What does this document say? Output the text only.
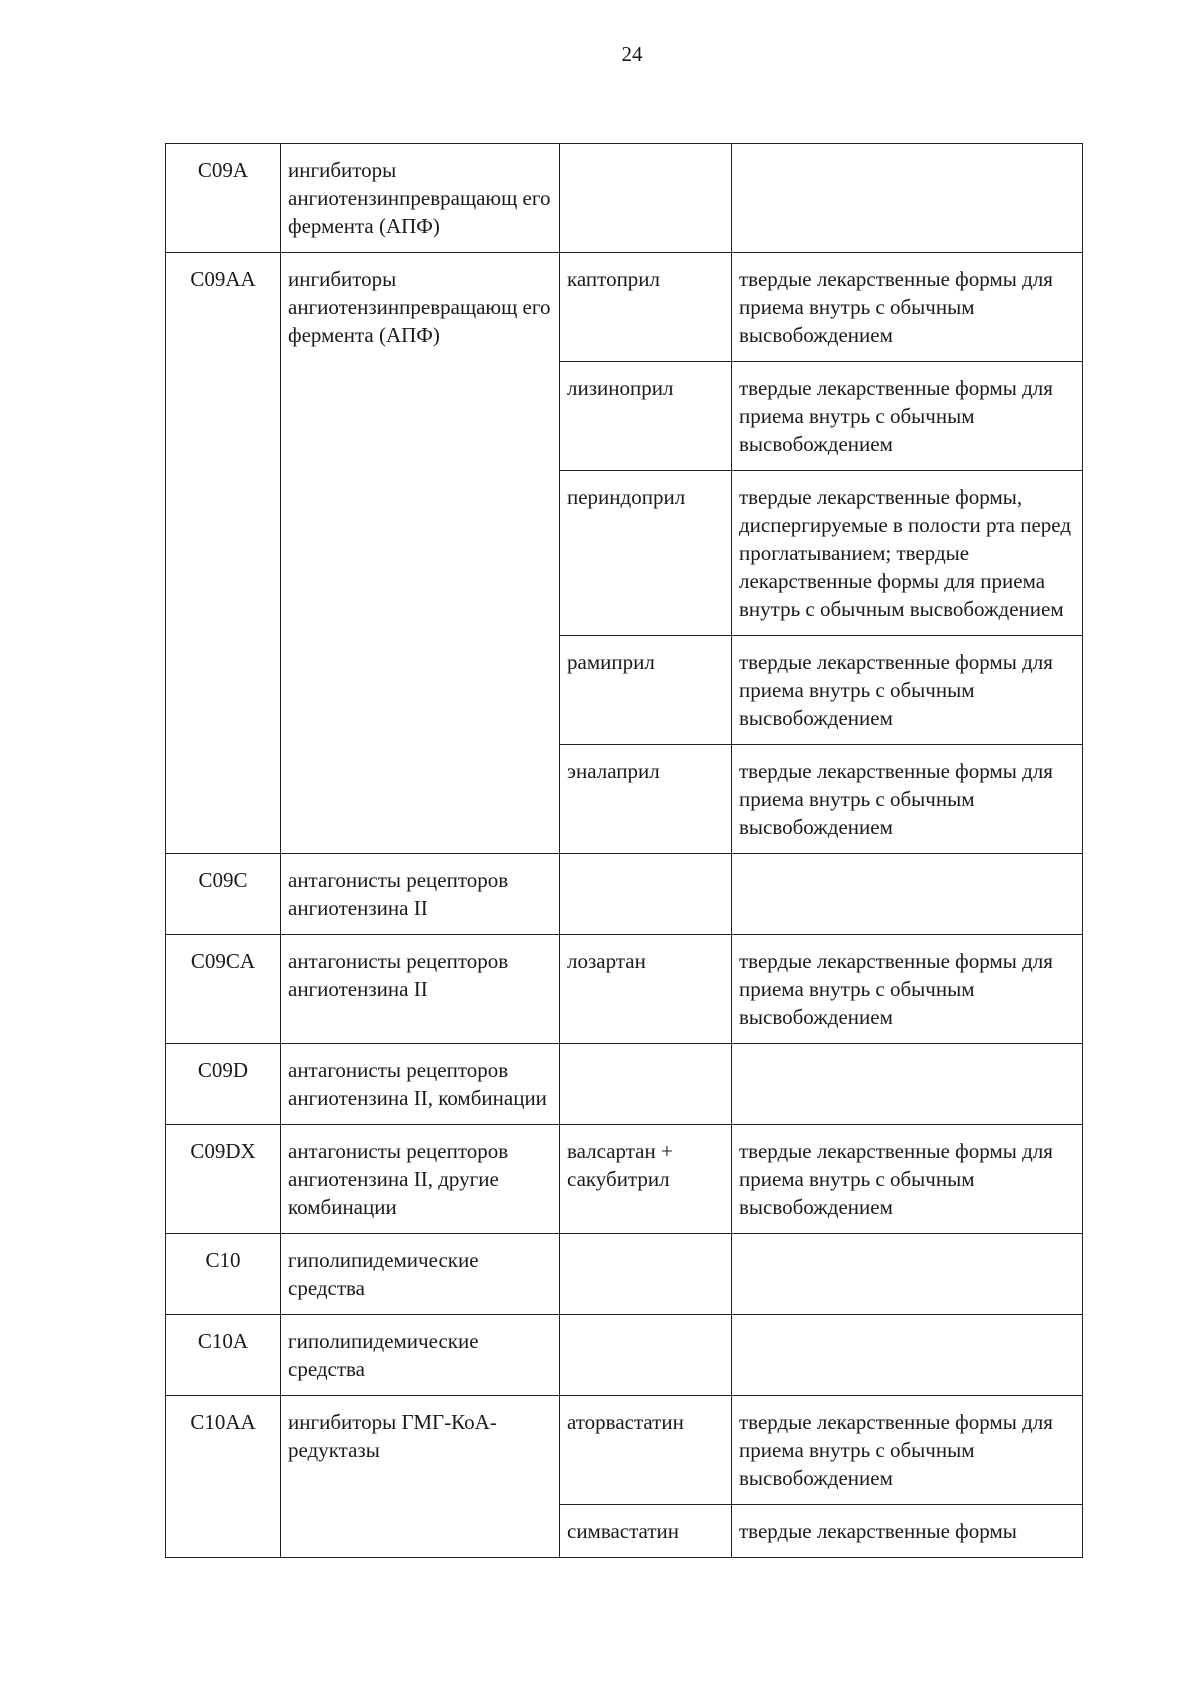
24
C09A	ингибиторы ангиотензинпревращающ его фермента (АПФ)		
C09AA	ингибиторы ангиотензинпревращающ его фермента (АПФ)	каптоприл	твердые лекарственные формы для приема внутрь с обычным высвобождением
		лизиноприл	твердые лекарственные формы для приема внутрь с обычным высвобождением
		периндоприл	твердые лекарственные формы, диспергируемые в полости рта перед проглатыванием; твердые лекарственные формы для приема внутрь с обычным высвобождением
		рамиприл	твердые лекарственные формы для приема внутрь с обычным высвобождением
		эналаприл	твердые лекарственные формы для приема внутрь с обычным высвобождением
C09C	антагонисты рецепторов ангиотензина II		
C09CA	антагонисты рецепторов ангиотензина II	лозартан	твердые лекарственные формы для приема внутрь с обычным высвобождением
C09D	антагонисты рецепторов ангиотензина II, комбинации		
C09DX	антагонисты рецепторов ангиотензина II, другие комбинации	валсартан + сакубитрил	твердые лекарственные формы для приема внутрь с обычным высвобождением
C10	гиполипидемические средства		
C10A	гиполипидемические средства		
C10AA	ингибиторы ГМГ-КоА-редуктазы	аторвастатин	твердые лекарственные формы для приема внутрь с обычным высвобождением
		симвастатин	твердые лекарственные формы
